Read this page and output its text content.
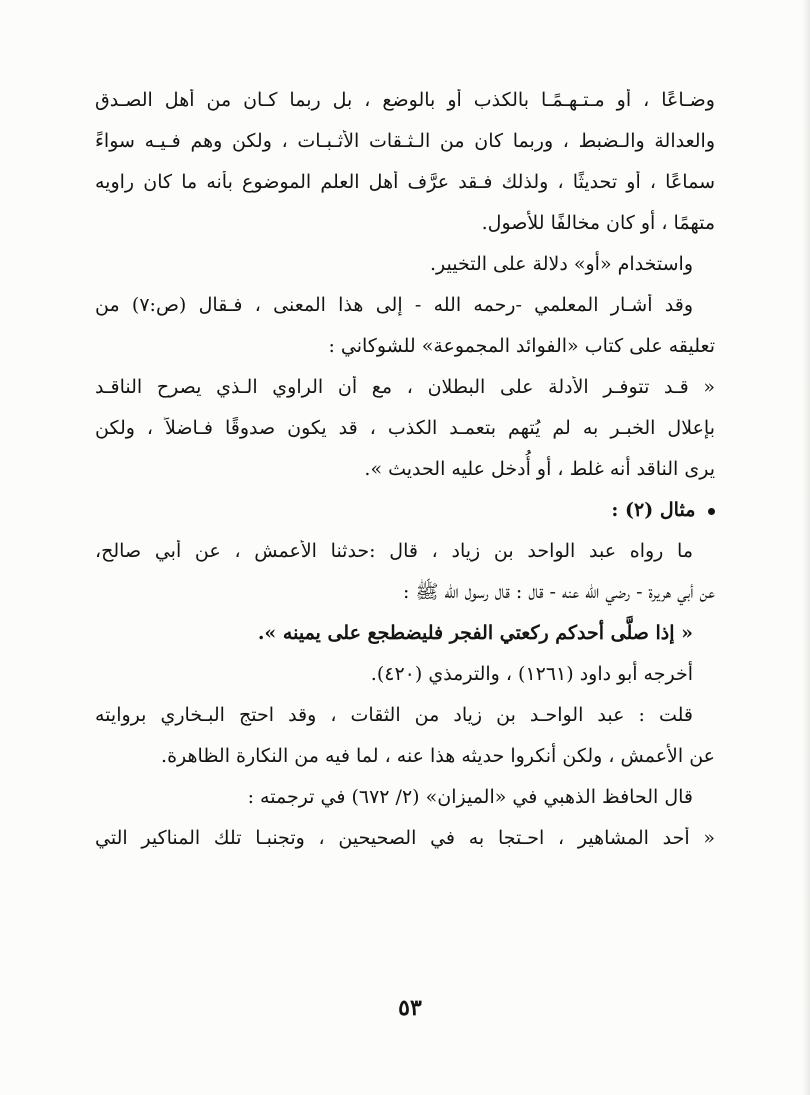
وضـاعًا ، أو مـتـهـمًـا بالكذب أو بالوضع ، بل ربما كـان من أهل الصـدق
والعدالة والـضبط ، وربما كان من الـثـقات الأثـبـات ، ولكن وهم فـيـه سواءً
سماعًا ، أو تحديثًا ، ولذلك فـقد عرَّف أهل العلم الموضوع بأنه ما كان راويه
متهمًا ، أو كان مخالفًا للأصول.
واستخدام «أو» دلالة على التخيير.
وقد أشـار المعلمي -رحمه الله - إلى هذا المعنى ، فـقال (ص:٧) من
تعليقه على كتاب «الفوائد المجموعة» للشوكاني :
« قـد تتوفـر الأدلة على البطلان ، مع أن الراوي الـذي يصرح الناقـد
بإعلال الخبـر به لم يُتهم بتعمـد الكذب ، قد يكون صدوقًا فـاضلاً ، ولكن
يرى الناقد أنه غلط ، أو أُدخل عليه الحديث ».
مثال (٢) :
ما رواه عبد الواحد بن زياد ، قال :حدثنا الأعمش ، عن أبي صالح،
عن أبي هريرة - رضي الله عنه - قال : قال رسول الله ﷺ :
« إذا صلَّى أحدكم ركعتي الفجر فليضطجع على يمينه ».
أخرجه أبو داود (١٢٦١) ، والترمذي (٤٢٠).
قلت : عبد الواحـد بن زياد من الثقات ، وقد احتج البـخاري بروايته
عن الأعمش ، ولكن أنكروا حديثه هذا عنه ، لما فيه من النكارة الظاهرة.
قال الحافظ الذهبي في «الميزان» (٢/ ٦٧٢) في ترجمته :
« أحد المشاهير ، احـتجا به في الصحيحين ، وتجنبـا تلك المناكير التي
٥٣
